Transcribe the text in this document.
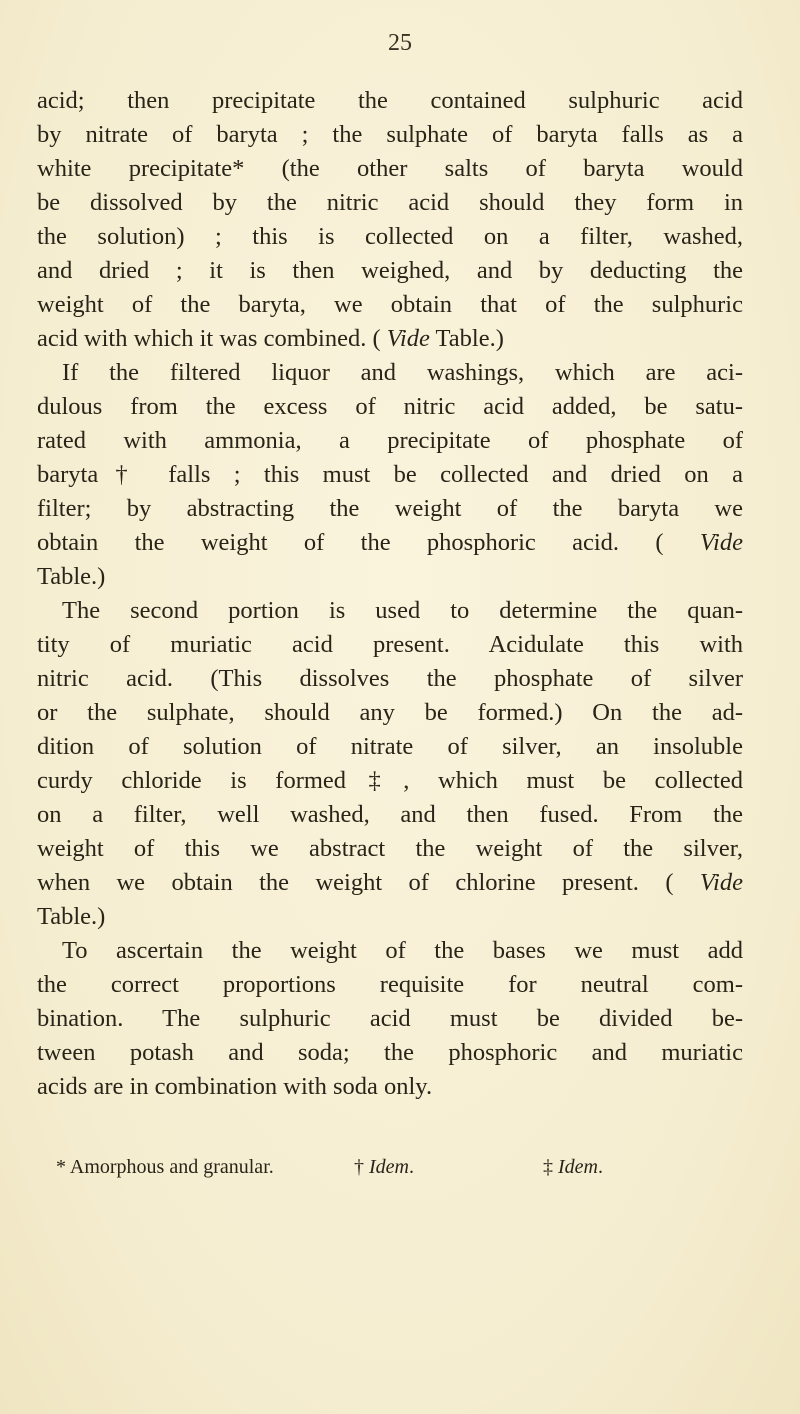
25
acid; then precipitate the contained sulphuric acid
by nitrate of baryta ; the sulphate of baryta falls as a
white precipitate* (the other salts of baryta would
be dissolved by the nitric acid should they form in
the solution) ; this is collected on a filter, washed,
and dried ; it is then weighed, and by deducting the
weight of the baryta, we obtain that of the sulphuric
acid with which it was combined. ( Vide Table.)
If the filtered liquor and washings, which are aci-
dulous from the excess of nitric acid added, be satu-
rated with ammonia, a precipitate of phosphate of
baryta† falls ; this must be collected and dried on a
filter; by abstracting the weight of the baryta we
obtain the weight of the phosphoric acid. ( Vide
Table.)
The second portion is used to determine the quan-
tity of muriatic acid present. Acidulate this with
nitric acid. (This dissolves the phosphate of silver
or the sulphate, should any be formed.) On the ad-
dition of solution of nitrate of silver, an insoluble
curdy chloride is formed‡, which must be collected
on a filter, well washed, and then fused. From the
weight of this we abstract the weight of the silver,
when we obtain the weight of chlorine present. ( Vide
Table.)
To ascertain the weight of the bases we must add
the correct proportions requisite for neutral com-
bination. The sulphuric acid must be divided be-
tween potash and soda; the phosphoric and muriatic
acids are in combination with soda only.
* Amorphous and granular.	† Idem.	‡ Idem.
